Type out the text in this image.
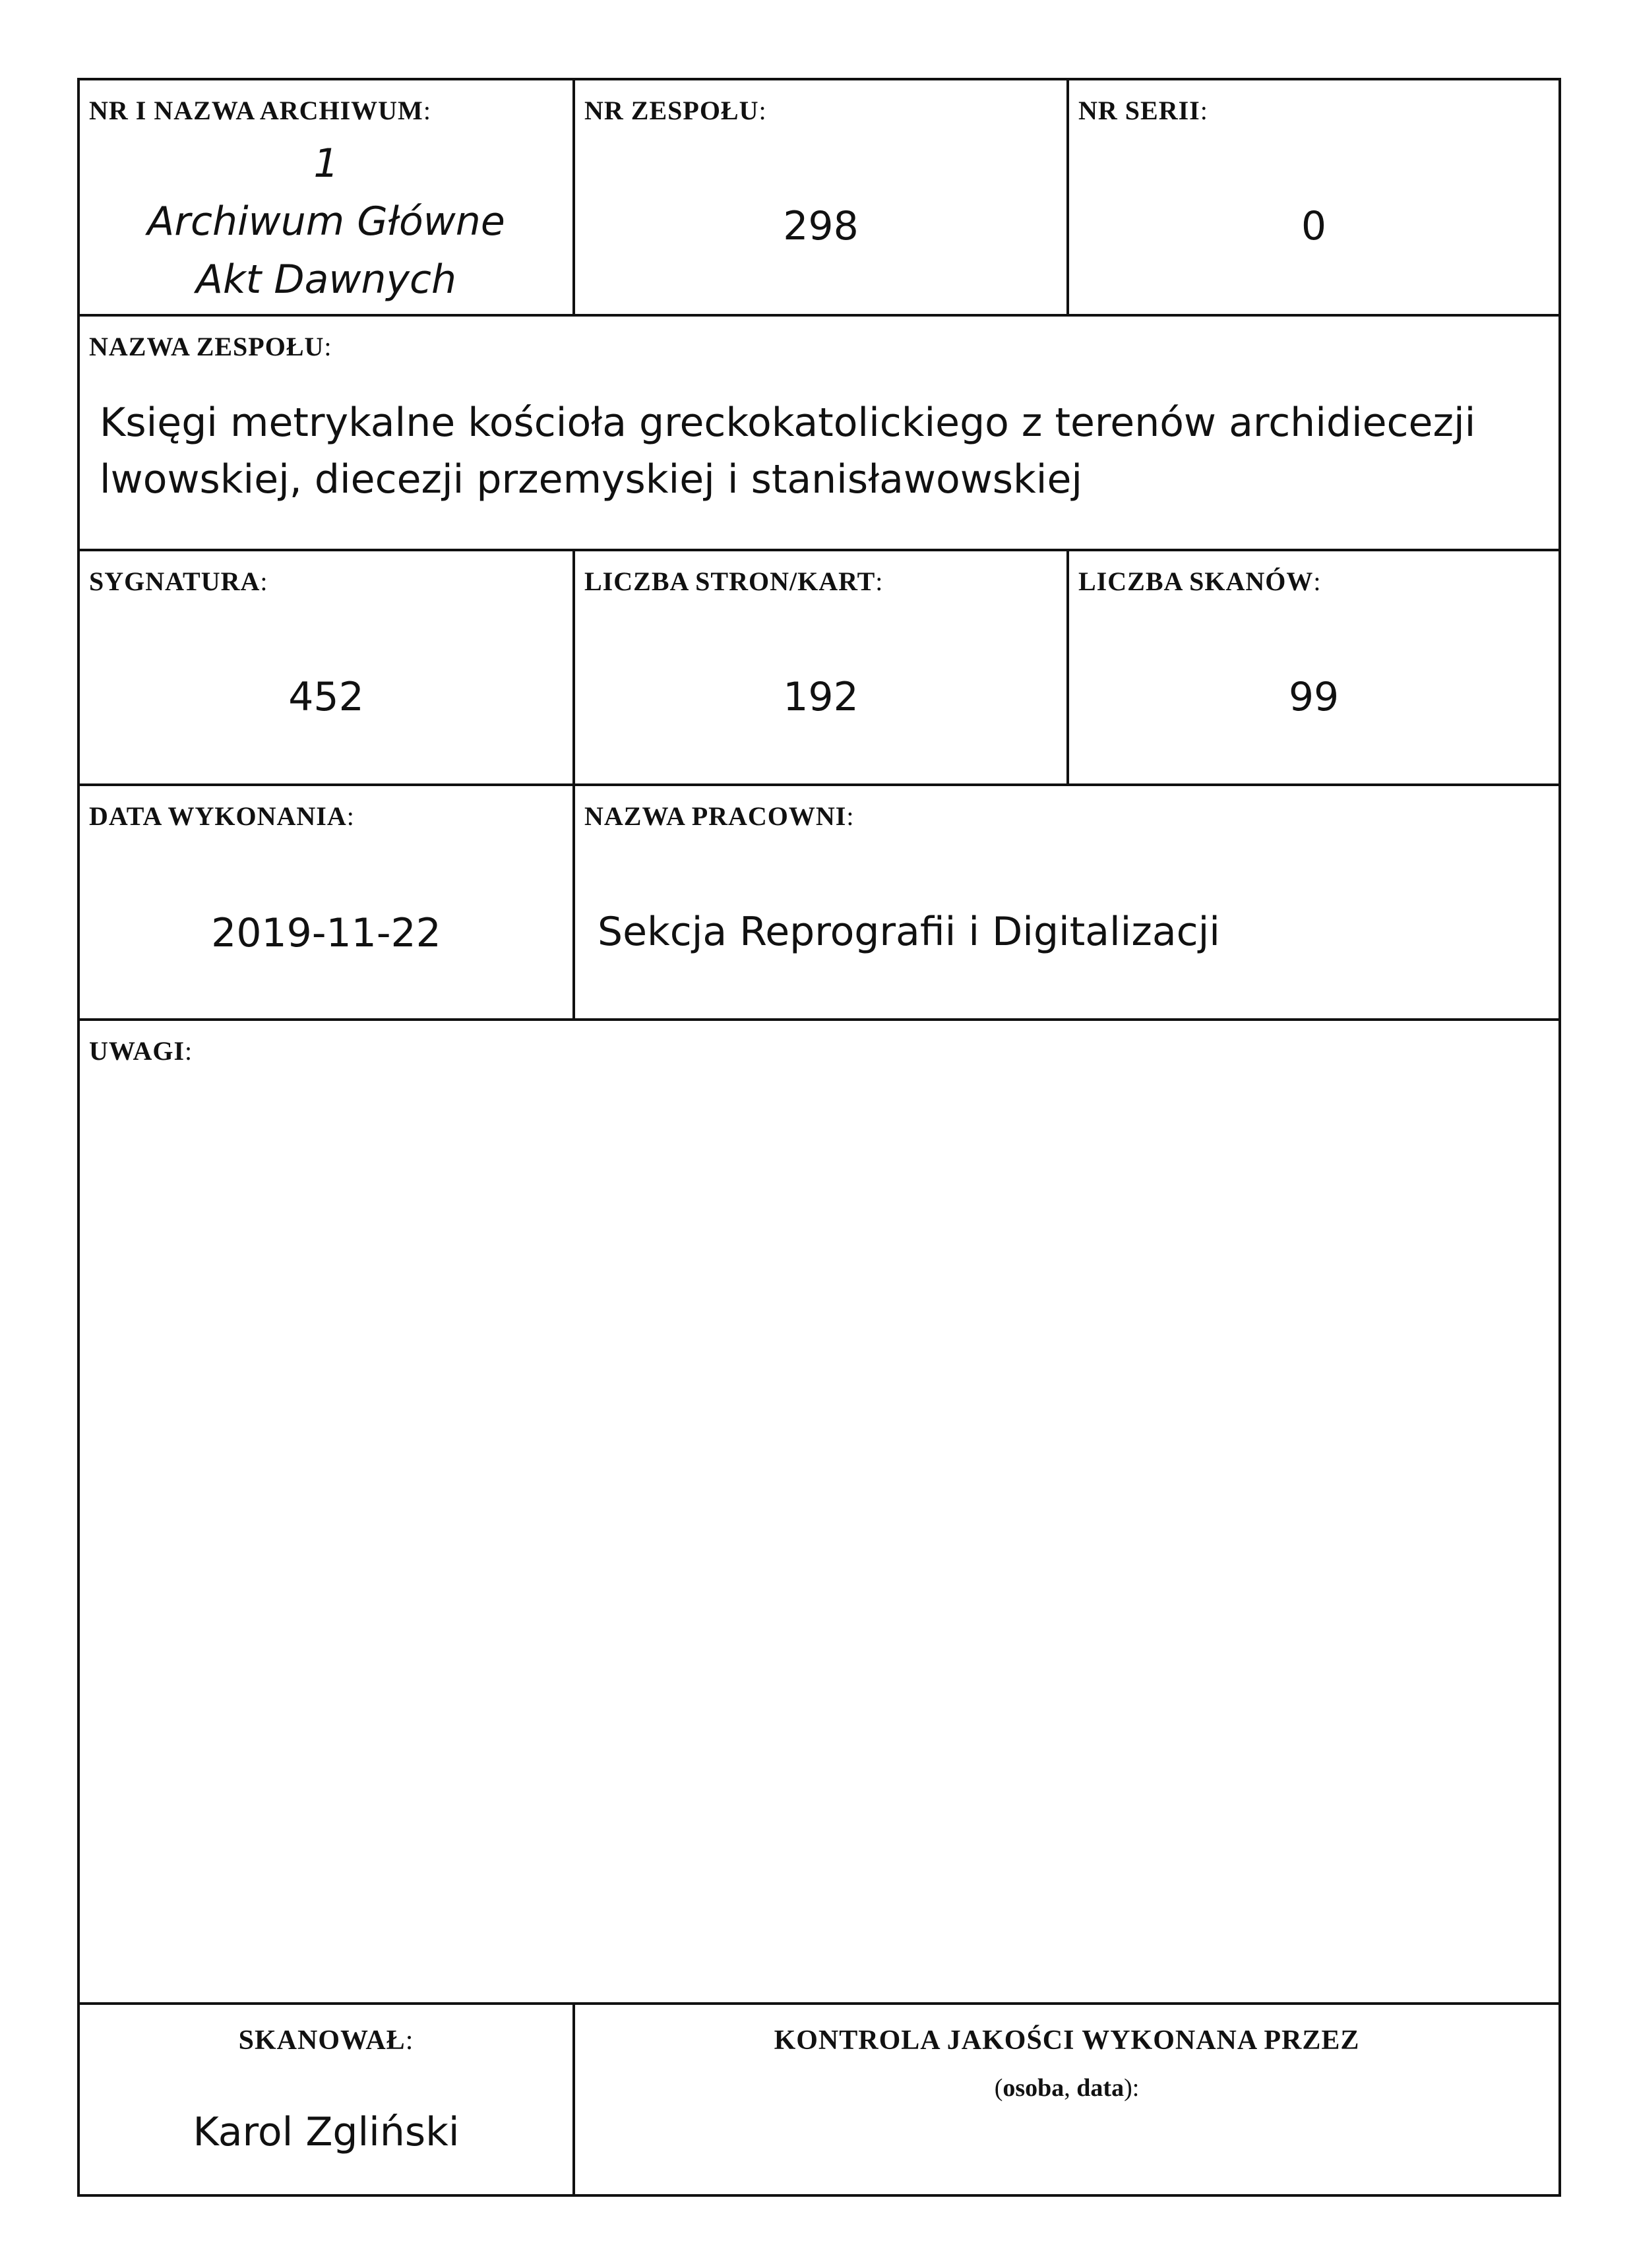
NR I NAZWA ARCHIWUM:
1
Archiwum Główne
Akt Dawnych
NR ZESPOŁU:
298
NR SERII:
0
NAZWA ZESPOŁU:
Księgi metrykalne kościoła greckokatolickiego z terenów archidiecezji lwowskiej, diecezji przemyskiej i stanisławowskiej
SYGNATURA:
452
LICZBA STRON/KART:
192
LICZBA SKANÓW:
99
DATA WYKONANIA:
2019-11-22
NAZWA PRACOWNI:
Sekcja Reprografii i Digitalizacji
UWAGI:
SKANOWAŁ:
Karol Zgliński
KONTROLA JAKOŚCI WYKONANA PRZEZ
(osoba, data):
